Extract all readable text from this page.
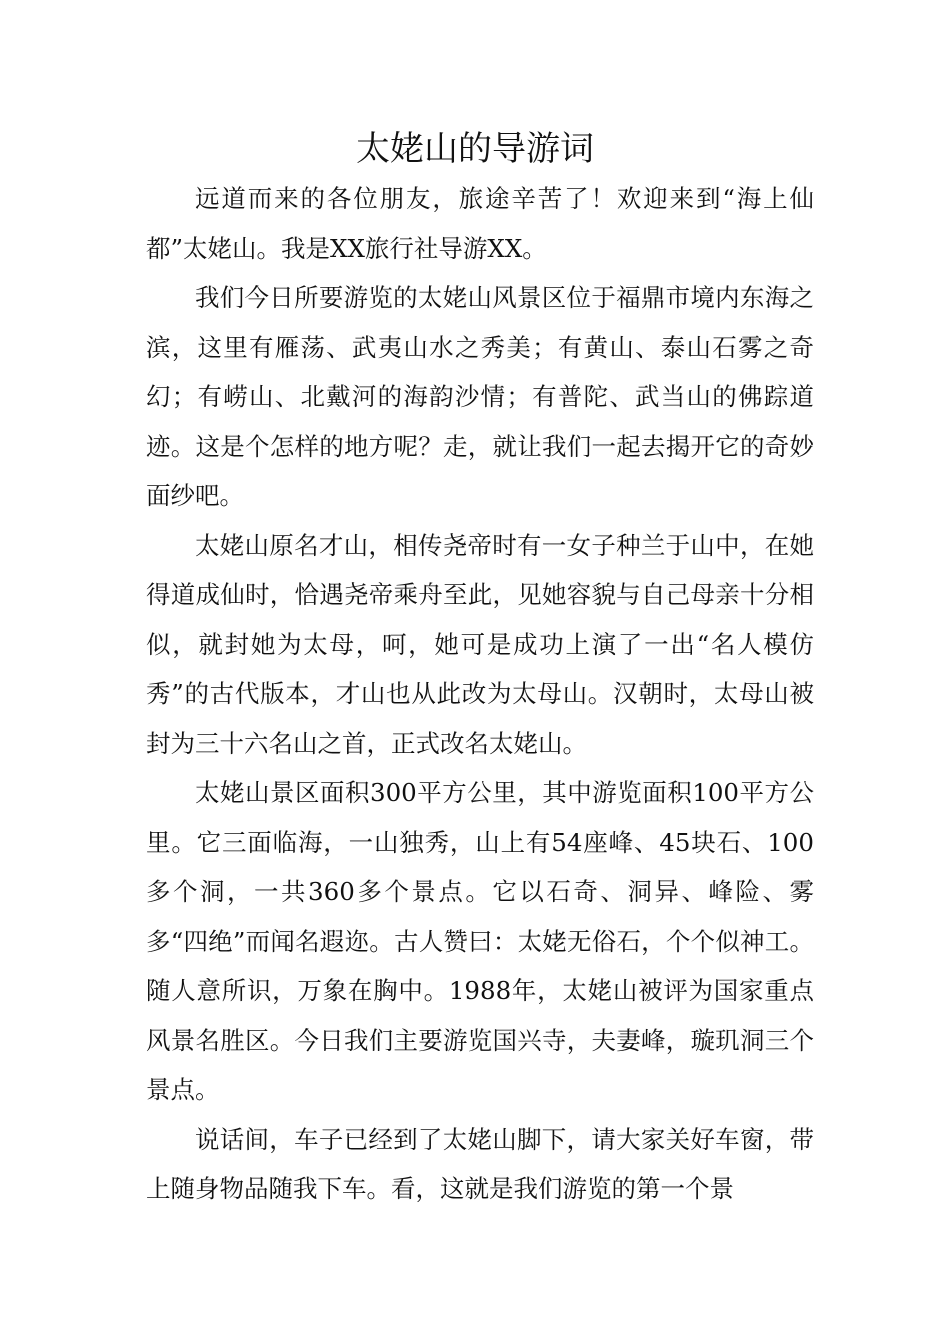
太姥山的导游词

远道而来的各位朋友，旅途辛苦了！欢迎来到“海上仙都”太姥山。我是XX旅行社导游XX。

我们今日所要游览的太姥山风景区位于福鼎市境内东海之滨，这里有雁荡、武夷山水之秀美；有黄山、泰山石雾之奇幻；有崂山、北戴河的海韵沙情；有普陀、武当山的佛踪道迹。这是个怎样的地方呢？走，就让我们一起去揭开它的奇妙面纱吧。

太姥山原名才山，相传尧帝时有一女子种兰于山中，在她得道成仙时，恰遇尧帝乘舟至此，见她容貌与自己母亲十分相似，就封她为太母，呵，她可是成功上演了一出“名人模仿秀”的古代版本，才山也从此改为太母山。汉朝时，太母山被封为三十六名山之首，正式改名太姥山。

太姥山景区面积300平方公里，其中游览面积100平方公里。它三面临海，一山独秀，山上有54座峰、45块石、100多个洞，一共360多个景点。它以石奇、洞异、峰险、雾多“四绝”而闻名遐迩。古人赞曰：太姥无俗石，个个似神工。随人意所识，万象在胸中。1988年，太姥山被评为国家重点风景名胜区。今日我们主要游览国兴寺，夫妻峰，璇玑洞三个景点。

说话间，车子已经到了太姥山脚下，请大家关好车窗，带上随身物品随我下车。看，这就是我们游览的第一个景
